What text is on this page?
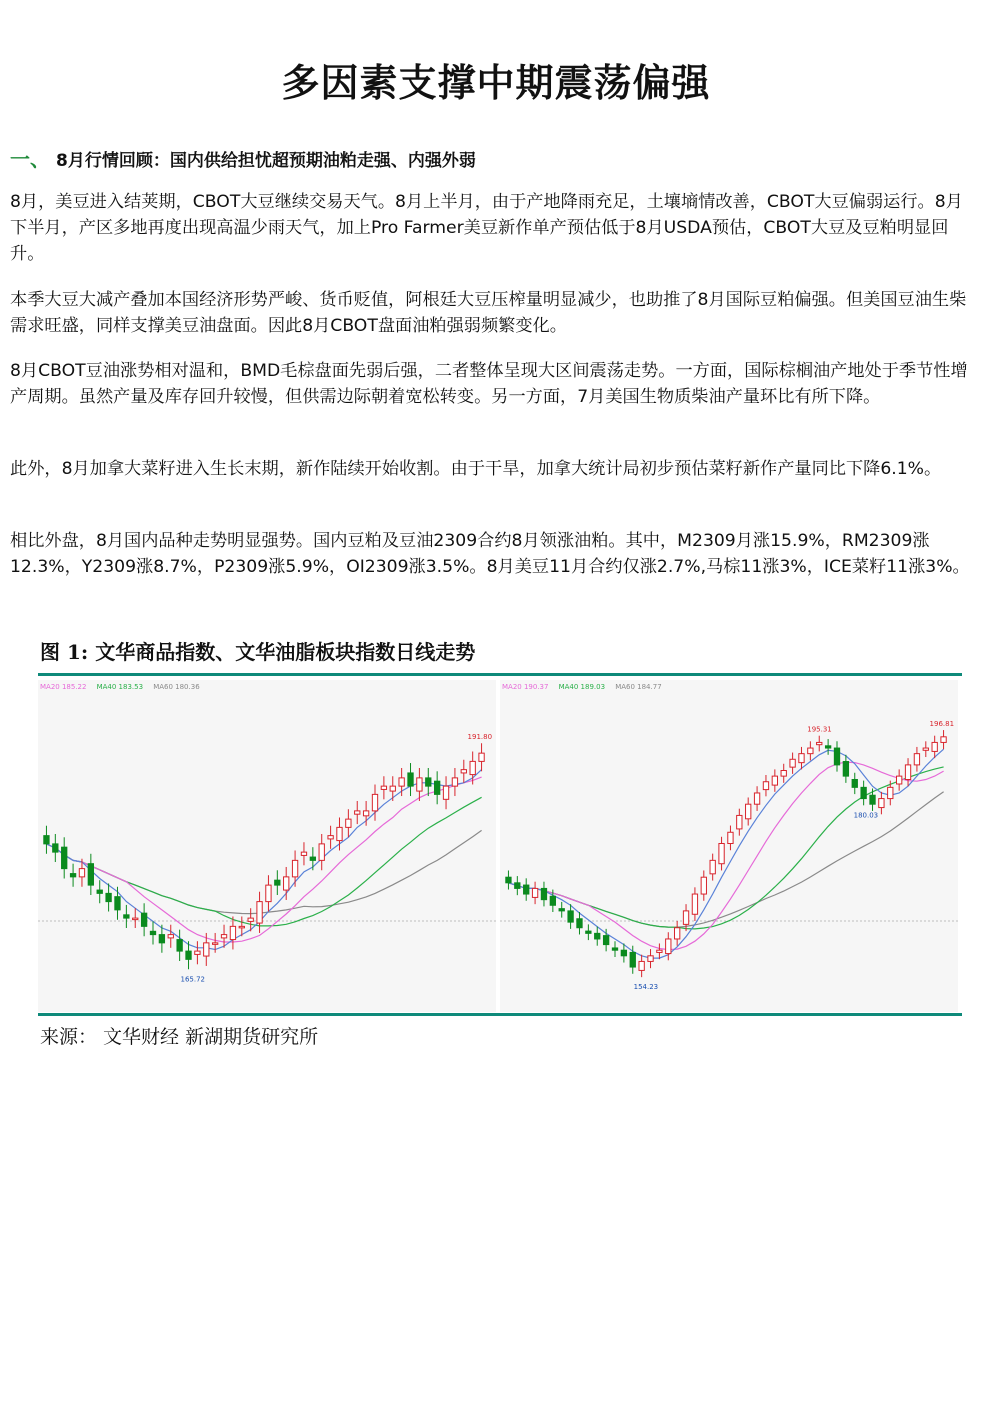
多因素支撑中期震荡偏强
一、 8月行情回顾：国内供给担忧超预期油粕走强、内强外弱

8月，美豆进入结荚期，CBOT大豆继续交易天气。8月上半月，由于产地降雨充足，土壤墒情改善，CBOT大豆偏弱运行。8月下半月，产区多地再度出现高温少雨天气，加上Pro Farmer美豆新作单产预估低于8月USDA预估，CBOT大豆及豆粕明显回升。

本季大豆大减产叠加本国经济形势严峻、货币贬值，阿根廷大豆压榨量明显减少，也助推了8月国际豆粕偏强。但美国豆油生柴需求旺盛，同样支撑美豆油盘面。因此8月CBOT盘面油粕强弱频繁变化。

8月CBOT豆油涨势相对温和，BMD毛棕盘面先弱后强，二者整体呈现大区间震荡走势。一方面，国际棕榈油产地处于季节性增产周期。虽然产量及库存回升较慢，但供需边际朝着宽松转变。另一方面，7月美国生物质柴油产量环比有所下降。

此外，8月加拿大菜籽进入生长末期，新作陆续开始收割。由于干旱，加拿大统计局初步预估菜籽新作产量同比下降6.1%。

相比外盘，8月国内品种走势明显强势。国内豆粕及豆油2309合约8月领涨油粕。其中，M2309月涨15.9%，RM2309涨12.3%，Y2309涨8.7%，P2309涨5.9%，OI2309涨3.5%。8月美豆11月合约仅涨2.7%,马棕11涨3%，ICE菜籽11涨3%。

图 1: 文华商品指数、文华油脂板块指数日线走势
MA20 185.22 MA40 183.53 MA60 180.36
165.72
191.80
MA20 190.37 MA40 189.03 MA60 184.77
154.23
196.81
180.03
195.31
来源： 文华财经 新湖期货研究所
